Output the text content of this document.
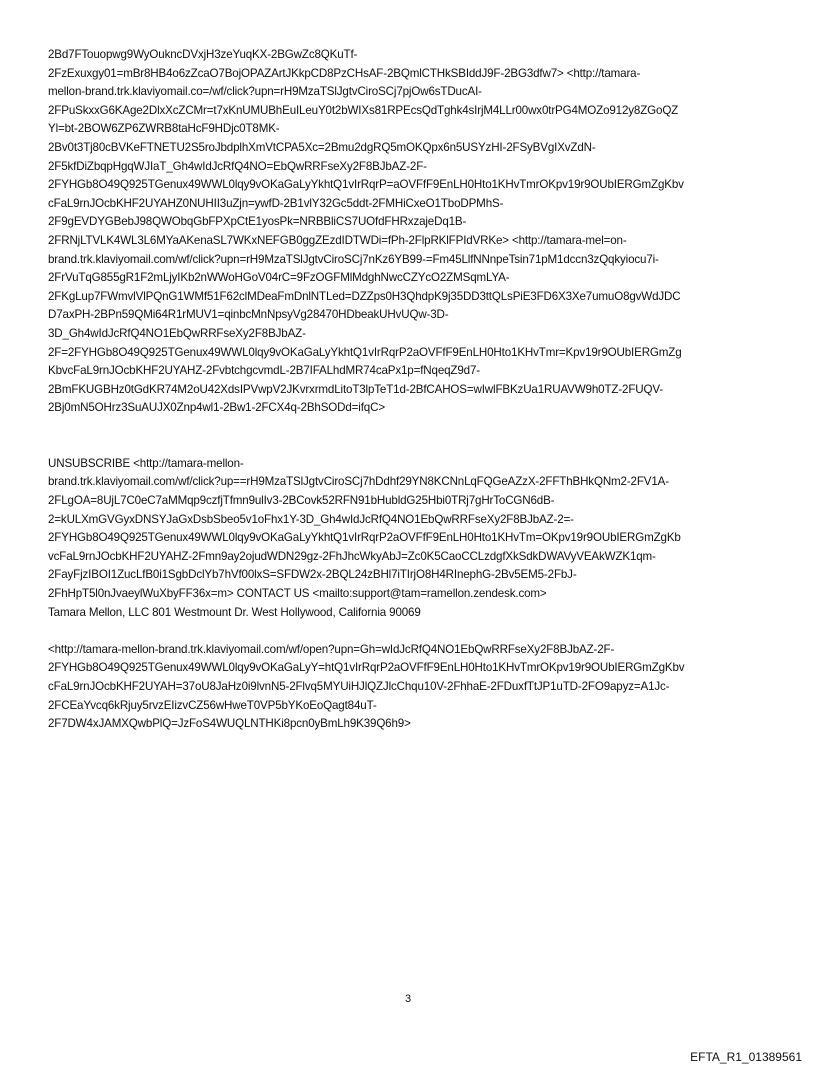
2Bd7FTouopwg9WyOukncDVxjH3zeYuqKX-2BGwZc8QKuTf-
2FzExuxgy01=mBr8HB4o6zZcaO7BojOPAZArtJKkpCD8PzCHsAF-2BQmlCTHkSBIddJ9F-2BG3dfw7> <http://tamara-
mellon-brand.trk.klaviyomail.co=/wf/click?upn=rH9MzaTSlJgtvCiroSCj7pjOw6sTDucAI-
2FPuSkxxG6KAge2DlxXcZCMr=t7xKnUMUBhEuILeuY0t2bWIXs81RPEcsQdTghk4sIrjM4LLr00wx0trPG4MOZo912y8ZGoQZ
Yl=bt-2BOW6ZP6ZWRB8taHcF9HDjc0T8MK-
2Bv0t3Tj80cBVKeFTNETU2S5roJbdplhXmVtCPA5Xc=2Bmu2dgRQ5mOKQpx6n5USYzHI-2FSyBVgIXvZdN-
2F5kfDiZbqpHgqWJIaT_Gh4wIdJcRfQ4NO=EbQwRRFseXy2F8BJbAZ-2F-
2FYHGb8O49Q925TGenux49WWL0lqy9vOKaGaLyYkhtQ1vIrRqrP=aOVFfF9EnLH0Hto1KHvTmrOKpv19r9OUbIERGmZgKbv
cFaL9rnJOcbKHF2UYAHZ0NUHII3uZjn=ywfD-2B1vlY32Gc5ddt-2FMHiCxeO1TboDPMhS-
2F9gEVDYGBebJ98QWObqGbFPXpCtE1yosPk=NRBBliCS7UOfdFHRxzajeDq1B-
2FRNjLTVLK4WL3L6MYaAKenaSL7WKxNEFGB0ggZEzdIDTWDi=fPh-2FlpRKlFPIdVRKe> <http://tamara-mel=on-
brand.trk.klaviyomail.com/wf/click?upn=rH9MzaTSlJgtvCiroSCj7nKz6YB99-=Fm45LlfNNnpeTsin71pM1dccn3zQqkyiocu7i-
2FrVuTqG855gR1F2mLjyIKb2nWWoHGoV04rC=9FzOGFMlMdghNwcCZYcO2ZMSqmLYA-
2FKgLup7FWmvlVlPQnG1WMf51F62clMDeaFmDnlNTLed=DZZps0H3QhdpK9j35DD3ttQLsPiE3FD6X3Xe7umuO8gvWdJDC
D7axPH-2BPn59QMi64R1rMUV1=qinbcMnNpsyVg28470HDbeakUHvUQw-3D-
3D_Gh4wIdJcRfQ4NO1EbQwRRFseXy2F8BJbAZ-
2F=2FYHGb8O49Q925TGenux49WWL0lqy9vOKaGaLyYkhtQ1vIrRqrP2aOVFfF9EnLH0Hto1KHvTmr=Kpv19r9OUbIERGmZg
KbvcFaL9rnJOcbKHF2UYAHZ-2FvbtchgcvmdL-2B7IFALhdMR74caPx1p=fNqeqZ9d7-
2BmFKUGBHz0tGdKR74M2oU42XdsIPVwpV2JKvrxrmdLitoT3lpTeT1d-2BfCAHOS=wIwlFBKzUa1RUAVW9h0TZ-2FUQV-
2Bj0mN5OHrz3SuAUJX0Znp4wl1-2Bw1-2FCX4q-2BhSODd=ifqC>
UNSUBSCRIBE <http://tamara-mellon-
brand.trk.klaviyomail.com/wf/click?up==rH9MzaTSlJgtvCiroSCj7hDdhf29YN8KCNnLqFQGeAZzX-2FFThBHkQNm2-2FV1A-
2FLgOA=8UjL7C0eC7aMMqp9czfjTfmn9ulIv3-2BCovk52RFN91bHubldG25Hbi0TRj7gHrToCGN6dB-
2=kULXmGVGyxDNSYJaGxDsbSbeo5v1oFhx1Y-3D_Gh4wIdJcRfQ4NO1EbQwRRFseXy2F8BJbAZ-2=-
2FYHGb8O49Q925TGenux49WWL0lqy9vOKaGaLyYkhtQ1vIrRqrP2aOVFfF9EnLH0Hto1KHvTm=OKpv19r9OUbIERGmZgKb
vcFaL9rnJOcbKHF2UYAHZ-2Fmn9ay2ojudWDN29gz-2FhJhcWkyAbJ=Zc0K5CaoCCLzdgfXkSdkDWAVyVEAkWZK1qm-
2FayFjzIBOI1ZucLfB0i1SgbDclYb7hVf00lxS=SFDW2x-2BQL24zBHl7iTIrjO8H4RInephG-2Bv5EM5-2FbJ-
2FhHpT5l0nJvaeylWuXbyFF36x=m> CONTACT US <mailto:support@tam=ramellon.zendesk.com>
Tamara Mellon, LLC 801 Westmount Dr. West Hollywood, California 90069
<http://tamara-mellon-brand.trk.klaviyomail.com/wf/open?upn=Gh=wIdJcRfQ4NO1EbQwRRFseXy2F8BJbAZ-2F-
2FYHGb8O49Q925TGenux49WWL0lqy9vOKaGaLyY=htQ1vIrRqrP2aOVFfF9EnLH0Hto1KHvTmrOKpv19r9OUbIERGmZgKbv
cFaL9rnJOcbKHF2UYAH=37oU8JaHz0i9lvnN5-2Flvq5MYUiHJlQZJlcChqu10V-2FhhaE-2FDuxfTtJP1uTD-2FO9apyz=A1Jc-
2FCEaYvcq6kRjuy5rvzEIizvCZ56wHweT0VP5bYKoEoQagt84uT-
2F7DW4xJAMXQwbPlQ=JzFoS4WUQLNTHKi8pcn0yBmLh9K39Q6h9>
3
EFTA_R1_01389561
